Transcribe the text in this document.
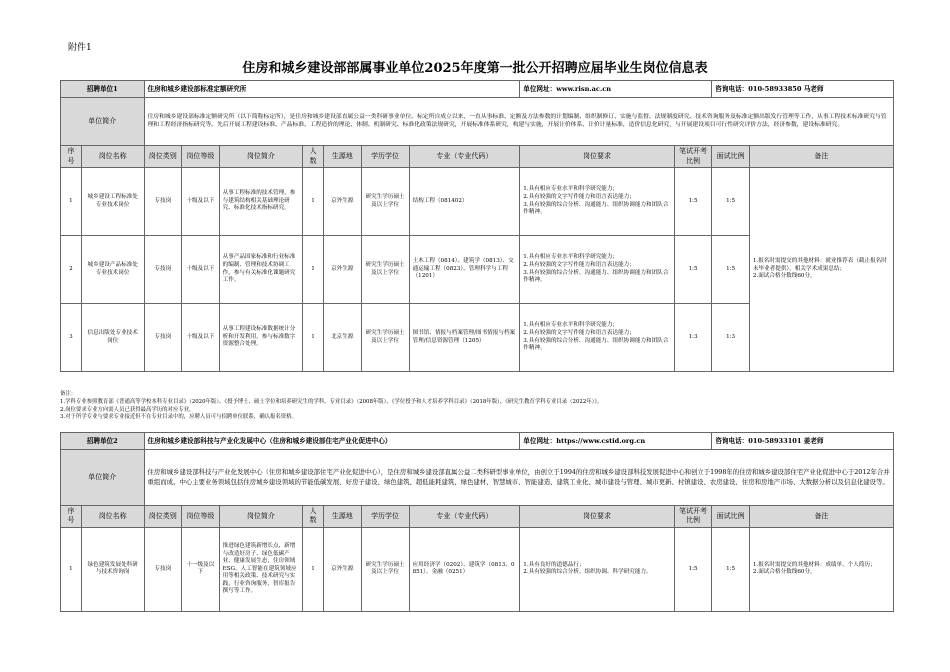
附件1
住房和城乡建设部部属事业单位2025年度第一批公开招聘应届毕业生岗位信息表
招聘单位1		住房和城乡建设部标准定额研究所							单位网址：www.risn.ac.cn		咨询电话：010-58933850 马老师	
单位简介		住房和城乡建设部标准定额研究所（以下简称标定所），是住房和城乡建设部直属公益一类科研事业单位。标定所自成立以来，一直从事标准、定额及方法参数的计划编制、组织制修订、实施与监督、法规制度研究、技术咨询服务及标准定额出版发行管理等工作，从事工程技术标准研究与管理和工程经济指标研究等。先后开展工程建设标准、产品标准、工程造价的理论、体制、机制研究、标准化政策法规研究，开展标准体系研究，构建与实施，开展计价体系、计价计量标准，造价信息化研究，与开展建设项目可行性研究评价方法，经济参数，建设标准研究。										
序号	岗位名称	岗位类别	岗位等级	岗位简介	人数	生源地	学历学位	专业（专业代码）	岗位要求	笔试开考比例	面试比例	备注
1	城乡建设工程标准处专业技术岗位	专技岗	十级及以下	从事工程标准的技术管理，参与建筑结构相关基础理论研究、标准化技术指标研究。	1	京外生源	研究生学历硕士及以上学位	结构工程（081402）	1.具有相应专业水平和科学研究能力；
2.具有较强的文字写作能力和语言表达能力；
3.具有较强的综合分析、沟通能力、组织协调能力和团队合作精神。	1:5	1:5	1.报名时需提交的其他材料：就业推荐表（截止报名时未毕业者提供），相关学术成果总结；
2.面试合格分数线60分。
2	城乡建设产品标准处专业技术岗位	专技岗	十级及以下	从事产品国家标准和行业标准的编制、管理和技术协调工作，参与有关标准化课题研究工作。	1	京外生源	研究生学历硕士及以上学位	土木工程（0814）、建筑学（0813）、交通运输工程（0823）、管理科学与工程（1201）	1.具有相应专业水平和科学研究能力；
2.具有较强的文字写作能力和语言表达能力；
3.具有较强的综合分析、沟通能力、组织协调能力和团队合作精神。	1:5	1:5	
3	信息出版处专业技术岗位	专技岗	十级及以下	从事工程建设标准数据统计分析和开发利用，参与标准数字资源整合处理。	1	北京生源	研究生学历硕士及以上学位	图书馆、情报与档案管理/图书情报与档案管理/信息资源管理（1205）	1.具有相应专业水平和科学研究能力；
2.具有较强的文字写作能力和语言表达能力；
3.具有较强的综合分析、沟通能力、组织协调能力和团队合作精神。	1:3	1:3	
备注：
1.学科专业参照教育部《普通高等学校本科专业目录》（2020年版）、《授予博士、硕士学位和培养研究生的学科、专业目录》（2008年版）、《学位授予和人才培养学科目录》（2018年版）、《研究生教育学科专业目录（2022年）》。
2.岗位要求专业方向需人员已获得最高学历的对应专业。
3.对于所学专业与要求专业接近但不在专业目录中的，应聘人员可与招聘单位联系，确认报名资格。
招聘单位2		住房和城乡建设部科技与产业化发展中心（住房和城乡建设部住宅产业化促进中心）							单位网址：https://www.cstid.org.cn		咨询电话：010-58933101 姜老师	
单位简介		住房和城乡建设部科技与产业化发展中心（住房和城乡建设部住宅产业化促进中心），是住房和城乡建设部直属公益二类科研型事业单位，由创立于1994的住房和城乡建设部科技发展促进中心和创立于1998年的住房和城乡建设部住宅产业化促进中心于2012年合并重组而成。中心主要业务领域包括住房城乡建设领域的节能低碳发展、好房子建设、绿色建筑、超低能耗建筑、绿色建材、智慧城市、智能建造、建筑工业化、城市建设与管理、城市更新、村镇建设、农房建设、住房和房地产市场、大数据分析以及信息化建设等。										
序号	岗位名称	岗位类别	岗位等级	岗位简介	人数	生源地	学历学位	专业（专业代码）	岗位要求	笔试开考比例	面试比例	备注
1	绿色建筑发展处科研与技术咨询岗	专技岗	十一级及以下	推进绿色建筑新增长点，新增与改造好房子、绿色低碳产业、健康发展生态，住房领域ESG、人工智能在建筑领域应用等相关政策、技术研究与实践，行业咨询服务，智库报告撰写等工作。	1	京外生源	研究生学历硕士及以上学位	应用经济学（0202）、建筑学（0813、0851）、金融（0251）	1.具有良好的道德品行；
2.具有较强的综合分析、组织协调、科学研究能力。	1:5	1:5	1.报名时需提交的其他材料：成绩单、个人简历；
2.面试合格分数线60分。
